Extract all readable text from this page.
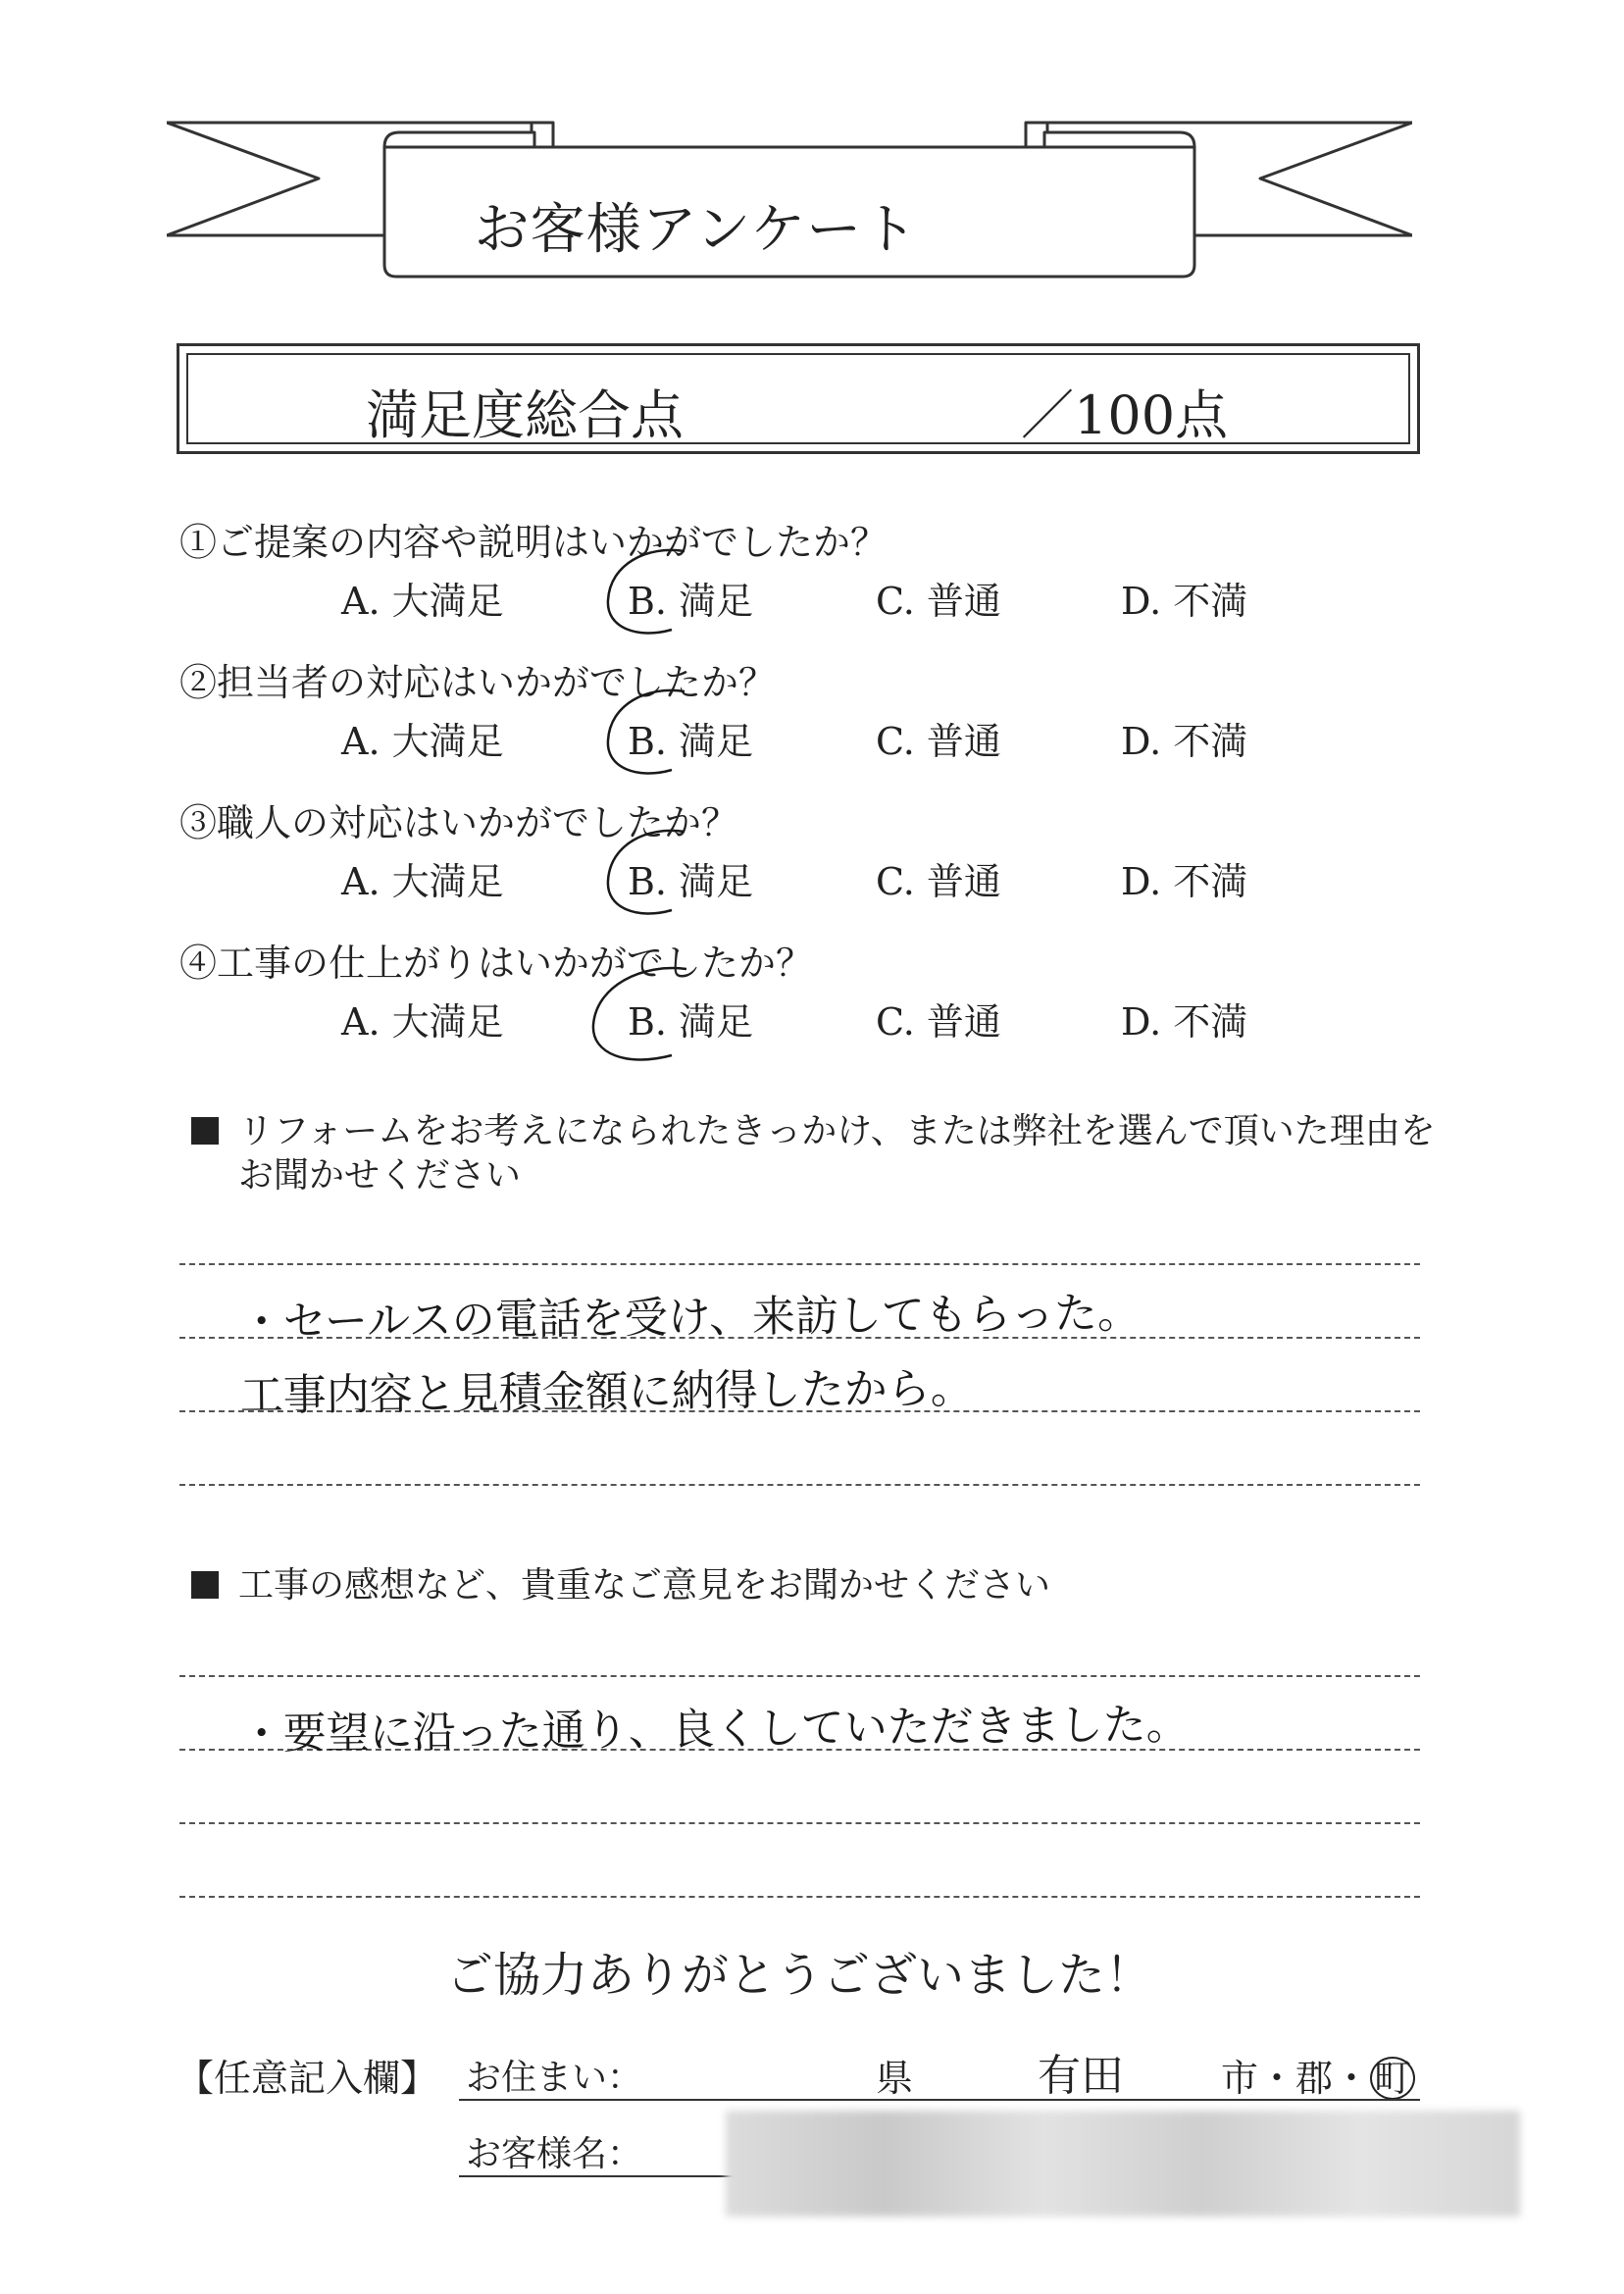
お客様アンケート
満足度総合点	／100点
①ご提案の内容や説明はいかがでしたか？
A. 大満足	B. 満足	C. 普通	D. 不満
②担当者の対応はいかがでしたか？
A. 大満足	B. 満足	C. 普通	D. 不満
③職人の対応はいかがでしたか？
A. 大満足	B. 満足	C. 普通	D. 不満
④工事の仕上がりはいかがでしたか？
A. 大満足	B. 満足	C. 普通	D. 不満
リフォームをお考えになられたきっかけ、または弊社を選んで頂いた理由を
お聞かせください
・セールスの電話を受け、来訪してもらった。
工事内容と見積金額に納得したから。
工事の感想など、貴重なご意見をお聞かせください
・要望に沿った通り、良くしていただきました。
ご協力ありがとうございました！
【任意記入欄】 お住まい：	県	有田	市・郡・ 町
お客様名：
